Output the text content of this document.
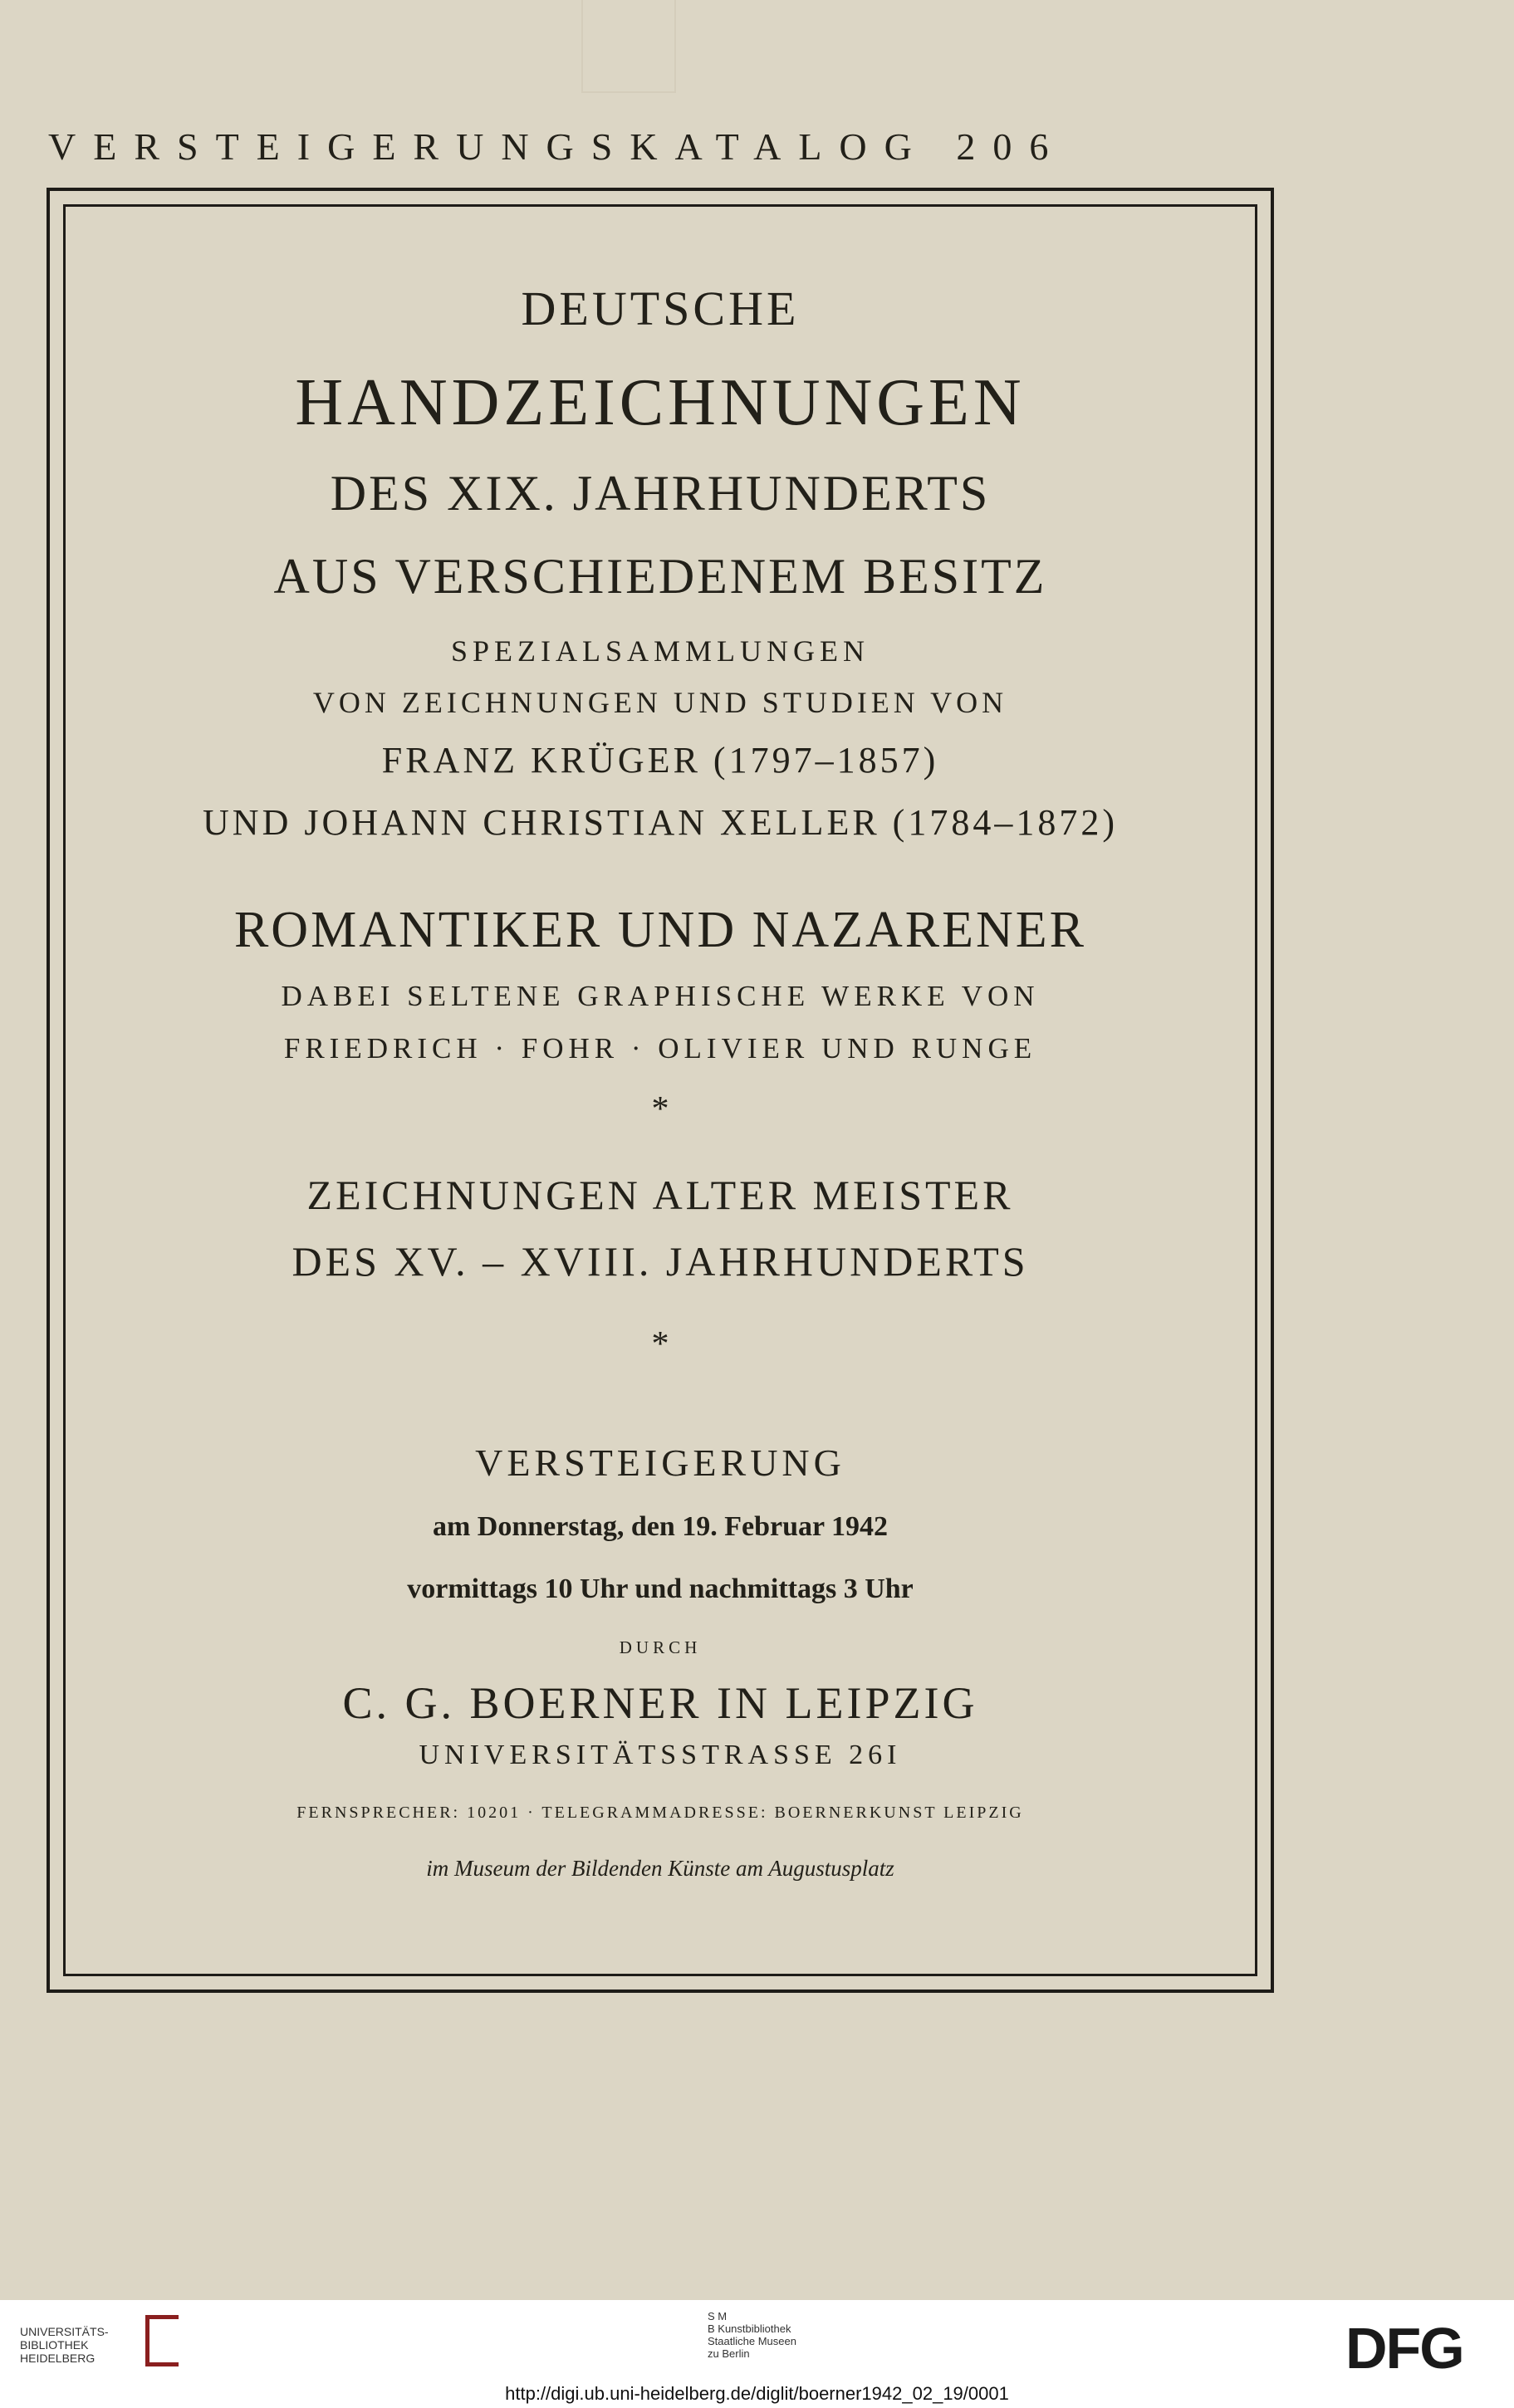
VERSTEIGERUNGSKATALOG 206
DEUTSCHE
HANDZEICHNUNGEN
DES XIX. JAHRHUNDERTS
AUS VERSCHIEDENEM BESITZ
SPEZIALSAMMLUNGEN
VON ZEICHNUNGEN UND STUDIEN VON
FRANZ KRÜGER (1797–1857)
UND JOHANN CHRISTIAN XELLER (1784–1872)
ROMANTIKER UND NAZARENER
DABEI SELTENE GRAPHISCHE WERKE VON
FRIEDRICH · FOHR · OLIVIER UND RUNGE
*
ZEICHNUNGEN ALTER MEISTER
DES XV. – XVIII. JAHRHUNDERTS
*
VERSTEIGERUNG
am Donnerstag, den 19. Februar 1942
vormittags 10 Uhr und nachmittags 3 Uhr
DURCH
C. G. BOERNER IN LEIPZIG
UNIVERSITÄTSSTRASSE 26I
FERNSPRECHER: 10201 · TELEGRAMMADRESSE: BOERNERKUNST LEIPZIG
im Museum der Bildenden Künste am Augustusplatz
UNIVERSITÄTS-
BIBLIOTHEK
HEIDELBERG
S M
B Kunstbibliothek
Staatliche Museen
zu Berlin	DFG
http://digi.ub.uni-heidelberg.de/diglit/boerner1942_02_19/0001
